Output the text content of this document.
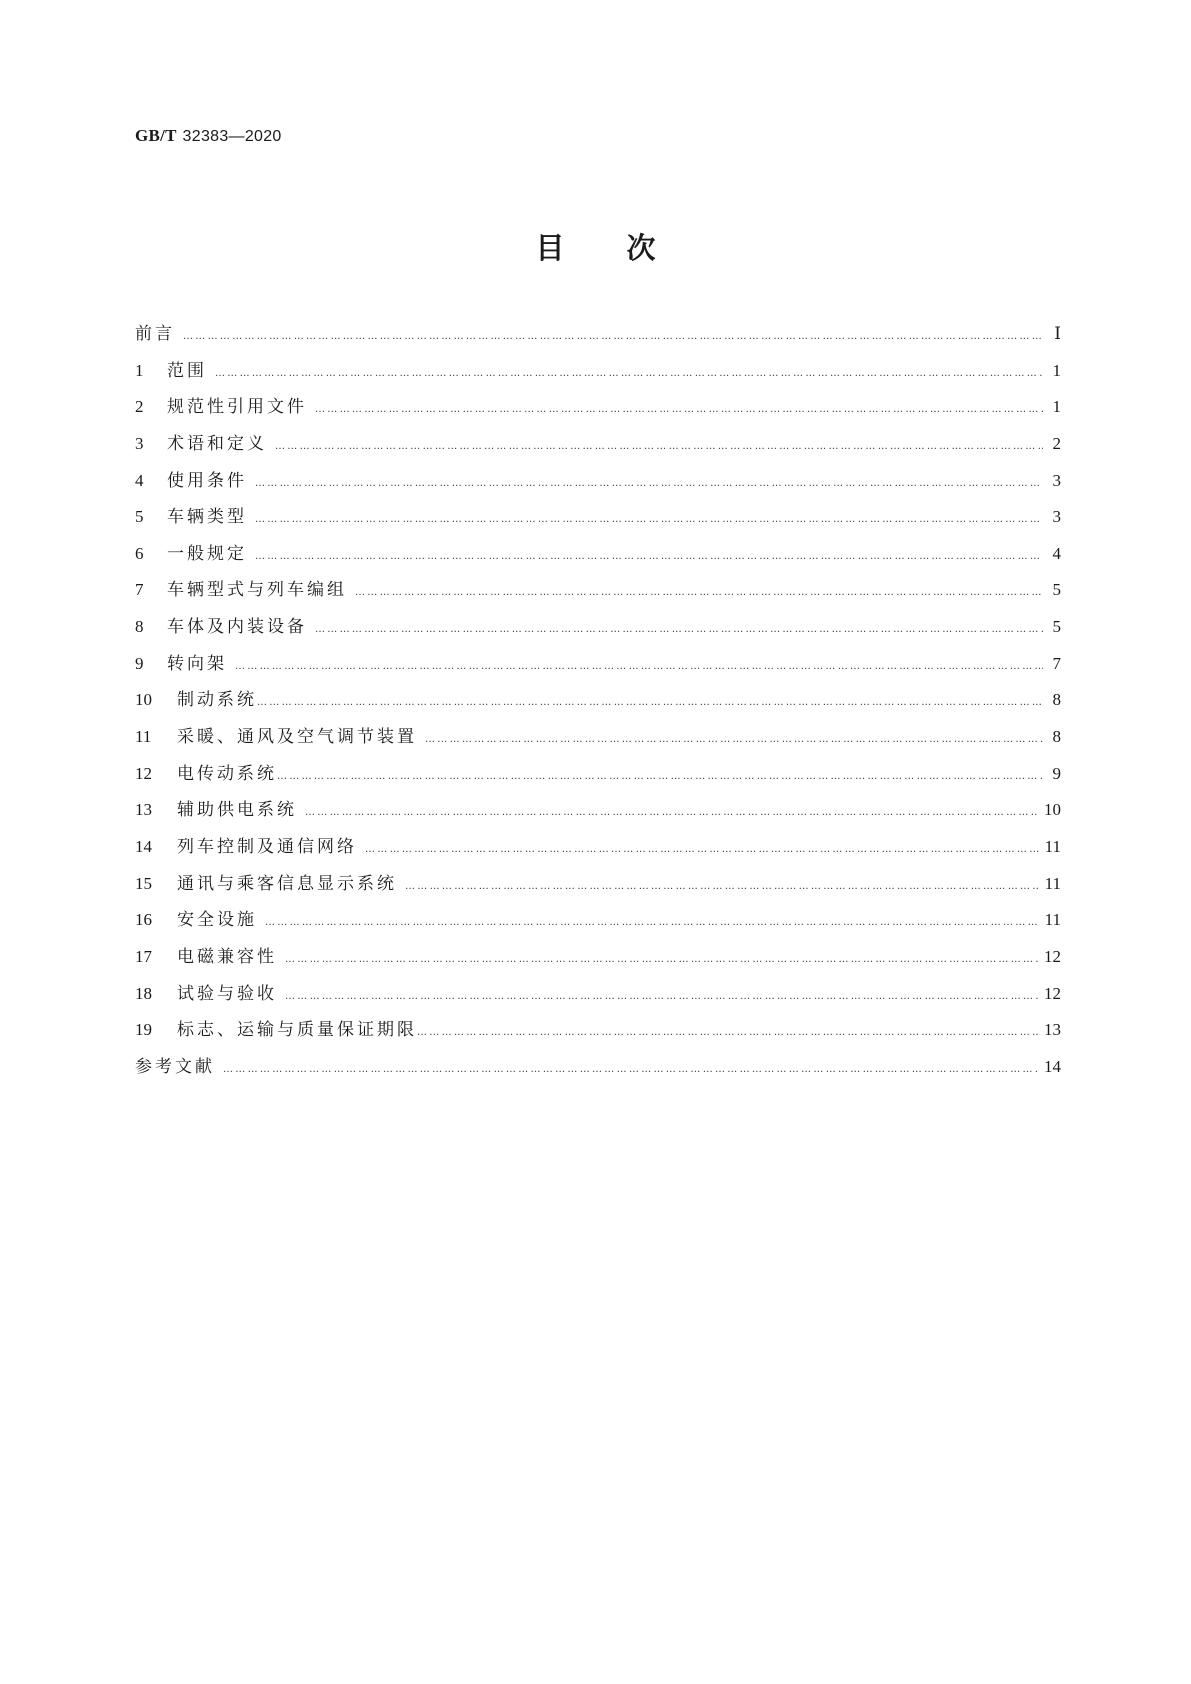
GB/T 32383—2020
目次
前言 …………………………………………………………………………………………………………………………………………………………………………………………………………………………………………………………………………………………	Ⅰ
1	范围 …………………………………………………………………………………………………………………………………………………………………………………………………………………………………………………………………………………………	1
2	规范性引用文件 …………………………………………………………………………………………………………………………………………………………………………………………………………………………………………………………………………………………	1
3	术语和定义 …………………………………………………………………………………………………………………………………………………………………………………………………………………………………………………………………………………………	2
4	使用条件 …………………………………………………………………………………………………………………………………………………………………………………………………………………………………………………………………………………………	3
5	车辆类型 …………………………………………………………………………………………………………………………………………………………………………………………………………………………………………………………………………………………	3
6	一般规定 …………………………………………………………………………………………………………………………………………………………………………………………………………………………………………………………………………………………	4
7	车辆型式与列车编组 …………………………………………………………………………………………………………………………………………………………………………………………………………………………………………………………………………………………	5
8	车体及内装设备 …………………………………………………………………………………………………………………………………………………………………………………………………………………………………………………………………………………………	5
9	转向架 …………………………………………………………………………………………………………………………………………………………………………………………………………………………………………………………………………………………	7
10	制动系统 …………………………………………………………………………………………………………………………………………………………………………………………………………………………………………………………………………………………	8
11	采暖、通风及空气调节装置 …………………………………………………………………………………………………………………………………………………………………………………………………………………………………………………………………………………………	8
12	电传动系统 …………………………………………………………………………………………………………………………………………………………………………………………………………………………………………………………………………………………	9
13	辅助供电系统 …………………………………………………………………………………………………………………………………………………………………………………………………………………………………………………………………………………………	10
14	列车控制及通信网络 …………………………………………………………………………………………………………………………………………………………………………………………………………………………………………………………………………………………	11
15	通讯与乘客信息显示系统 …………………………………………………………………………………………………………………………………………………………………………………………………………………………………………………………………………………………	11
16	安全设施 …………………………………………………………………………………………………………………………………………………………………………………………………………………………………………………………………………………………	11
17	电磁兼容性 …………………………………………………………………………………………………………………………………………………………………………………………………………………………………………………………………………………………	12
18	试验与验收 …………………………………………………………………………………………………………………………………………………………………………………………………………………………………………………………………………………………	12
19	标志、运输与质量保证期限 …………………………………………………………………………………………………………………………………………………………………………………………………………………………………………………………………………………………	13
参考文献 …………………………………………………………………………………………………………………………………………………………………………………………………………………………………………………………………………………………	14
